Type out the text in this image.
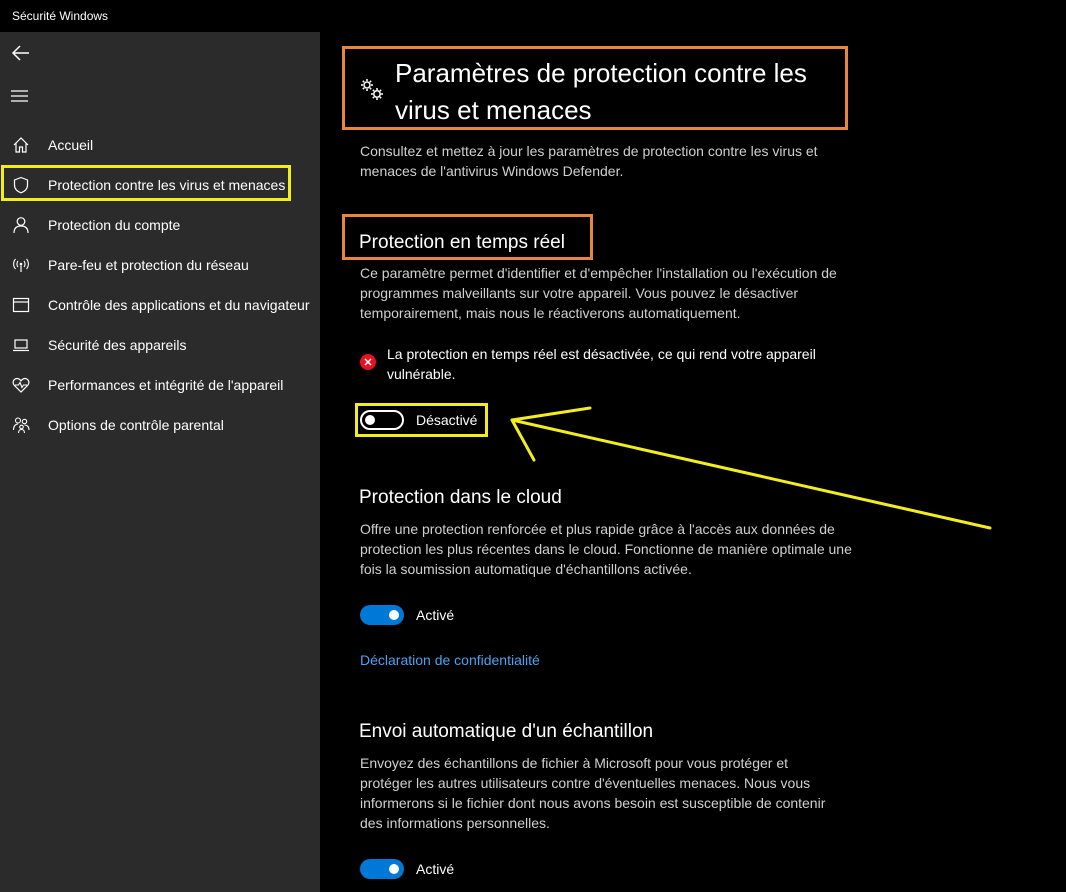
Sécurité Windows
Accueil
Protection contre les virus et menaces
Protection du compte
Pare-feu et protection du réseau
Contrôle des applications et du navigateur
Sécurité des appareils
Performances et intégrité de l'appareil
Options de contrôle parental
Paramètres de protection contre les virus et menaces
Consultez et mettez à jour les paramètres de protection contre les virus et menaces de l'antivirus Windows Defender.
Protection en temps réel
Ce paramètre permet d'identifier et d'empêcher l'installation ou l'exécution de programmes malveillants sur votre appareil. Vous pouvez le désactiver temporairement, mais nous le réactiverons automatiquement.
La protection en temps réel est désactivée, ce qui rend votre appareil vulnérable.
Désactivé
Protection dans le cloud
Offre une protection renforcée et plus rapide grâce à l'accès aux données de protection les plus récentes dans le cloud. Fonctionne de manière optimale une fois la soumission automatique d'échantillons activée.
Activé
Déclaration de confidentialité
Envoi automatique d'un échantillon
Envoyez des échantillons de fichier à Microsoft pour vous protéger et protéger les autres utilisateurs contre d'éventuelles menaces. Nous vous informerons si le fichier dont nous avons besoin est susceptible de contenir des informations personnelles.
Activé
